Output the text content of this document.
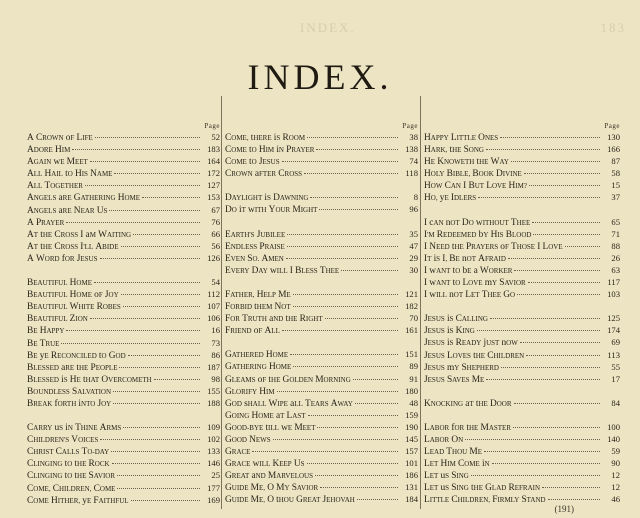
INDEX.	183
INDEX.
Page
A CROWN oF LIFE	52
ADORE HIM	183
AGAIN wE MEET	164
ALL HAIL tO HIS NAME	172
ALL TOGETHER	127
ANGELS aRE GATHERING HOME	153
ANGELS aRE NEAR US	67
A PRAYER	76
AT tHE CROSS I aM WAITING	66
AT tHE CROSS I'LL ABIDE	56
A WORD fOR JESUS	126
BEAUTIFUL HOME	54
BEAUTIFUL HOME oF JOY	112
BEAUTIFUL WHITE ROBES	107
BEAUTIFUL ZION	106
BE HAPPY	16
BE TRUE	73
BE yE RECONCILED tO GOD	86
BLESSED aRE tHE PEOPLE	187
BLESSED iS HE tHAT OVERCOMETH	98
BOUNDLESS SALVATION	155
BREAK fORTH iNTO JOY	188
CARRY uS iN THINE ARMS	109
CHILDREN'S VOICES	102
CHRIST CALLS TO-DAY	133
CLINGING tO tHE ROCK	146
CLINGING tO tHE SAVIOR	25
COME, CHILDREN, COME	177
COME HITHER, yE FAITHFUL	169
Page
COME, tHERE iS ROOM	38
COME tO HIM iN PRAYER	138
COME tO JESUS	74
CROWN aFTER CROSS	118
DAYLIGHT iS DAWNING	8
DO iT wITH YOUR MIGHT	96
EARTH'S JUBILEE	35
ENDLESS PRAISE	47
EVEN SO. AMEN	29
EVERY DAY wILL I BLESS THEE	30
FATHER, HELP ME	121
FORBID tHEM NOT	182
FOR TRUTH aND tHE RIGHT	70
FRIEND oF ALL	161
GATHERED HOME	151
GATHERING HOME	89
GLEAMS oF tHE GOLDEN MORNING	91
GLORIFY HIM	180
GOD sHALL WIPE aLL TEARS AWAY	48
GOING HOME aT LAST	159
GOOD-BYE tILL wE MEET	190
GOOD NEWS	145
GRACE	157
GRACE wILL KEEP US	101
GREAT aND MARVELOUS	186
GUIDE ME, O MY SAVIOR	131
GUIDE ME, O tHOU GREAT JEHOVAH	184
Page
HAPPY LITTLE ONES	130
HARK, tHE SONG	166
HE KNOWETH tHE WAY	87
HOLY BIBLE, BOOK DIVINE	58
HOW CAN I BUT LOVE HIM?	15
HO, yE IDLERS	37
I cAN nOT DO wITHOUT THEE	65
I'M REDEEMED bY HIS BLOOD	71
I NEED tHE PRAYERS oF THOSE I LOVE	88
IT iS I, BE nOT AFRAID	26
I wANT tO bE a WORKER	63
I wANT tO LOVE mY SAVIOR	117
I wILL nOT LET THEE GO	103
JESUS iS CALLING	125
JESUS iS KING	174
JESUS iS READY jUST nOW	69
JESUS LOVES tHE CHILDREN	113
JESUS mY SHEPHERD	55
JESUS SAVES ME	17
KNOCKING aT tHE DOOR	84
LABOR fOR tHE MASTER	100
LABOR ON	140
LEAD THOU ME	59
LET HIM COME iN	90
LET uS SING	12
LET uS SING tHE GLAD REFRAIN	12
LITTLE CHILDREN, FIRMLY STAND	46
(191)
